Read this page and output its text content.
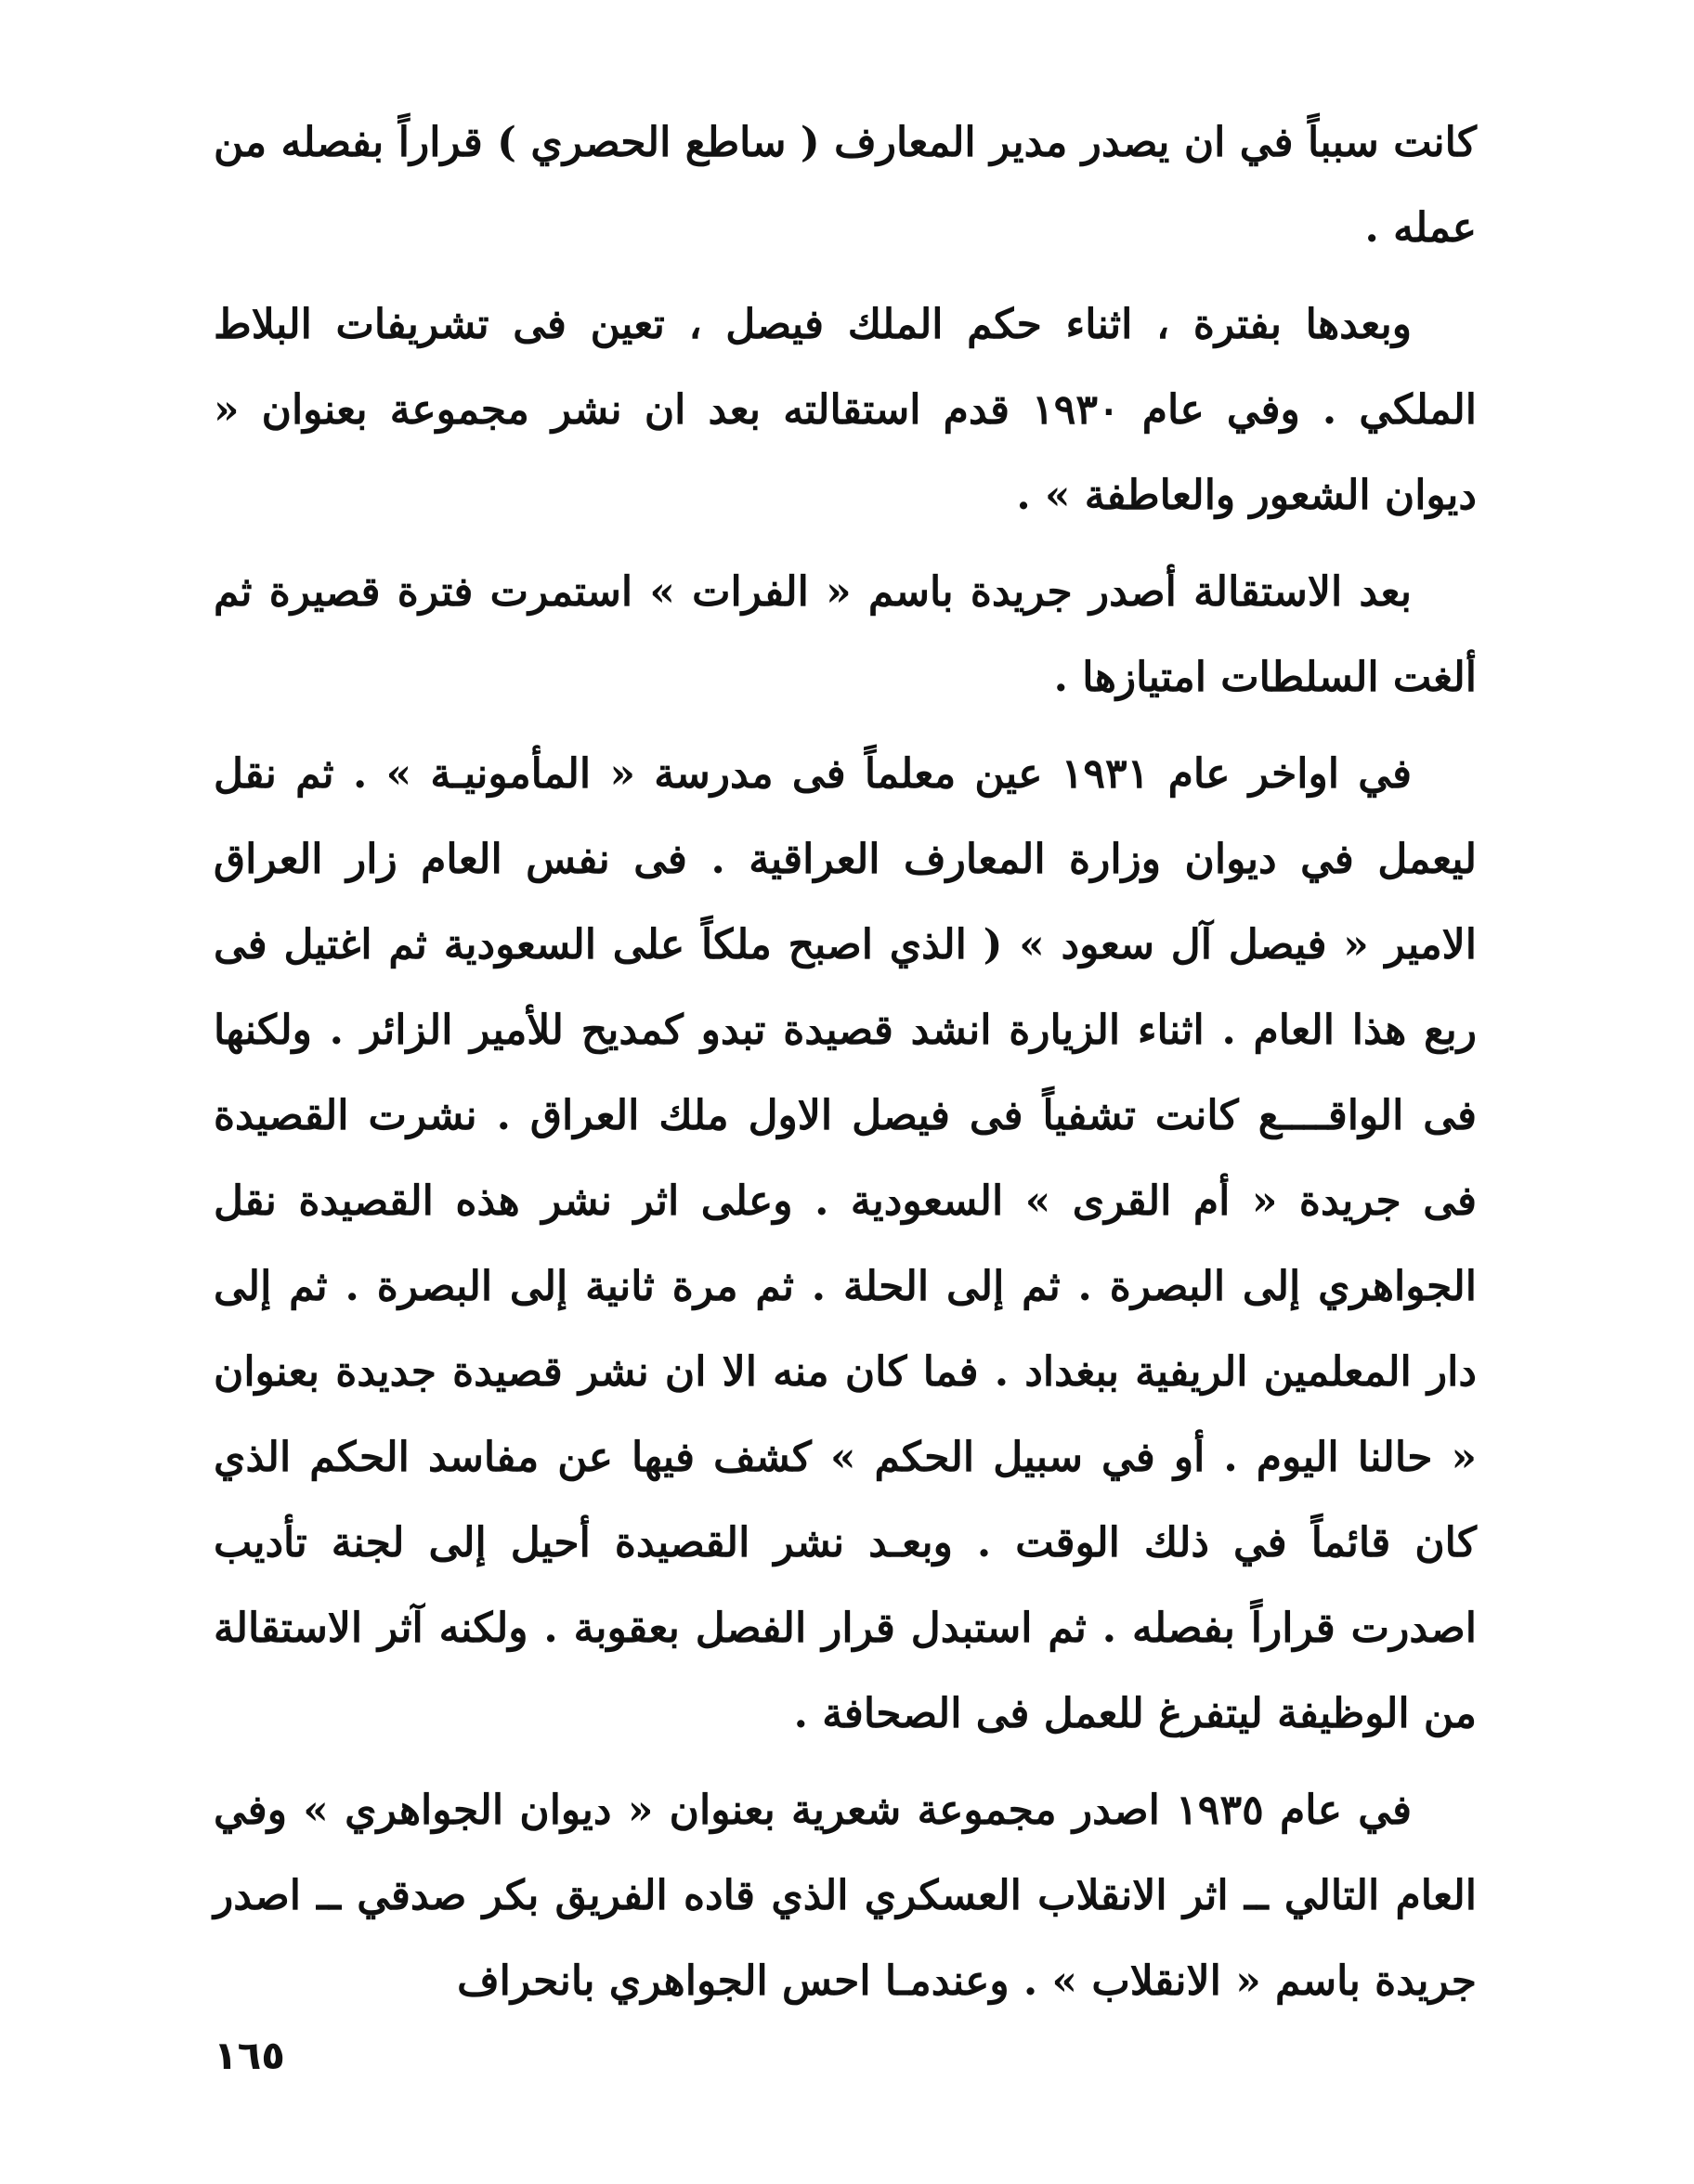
كانت سبباً في ان يصدر مدير المعارف ( ساطع الحصري ) قراراً بفصله من عمله .

وبعدها بفترة ، اثناء حكم الملك فيصل ، تعين فى تشريفات البلاط الملكي . وفي عام ١٩٣٠ قدم استقالته بعد ان نشر مجموعة بعنوان « ديوان الشعور والعاطفة » .

بعد الاستقالة أصدر جريدة باسم « الفرات » استمرت فترة قصيرة ثم ألغت السلطات امتيازها .

في اواخر عام ١٩٣١ عين معلماً فى مدرسة « المأمونيـة » . ثم نقل ليعمل في ديوان وزارة المعارف العراقية . فى نفس العام زار العراق الامير « فيصل آل سعود » ( الذي اصبح ملكاً على السعودية ثم اغتيل فى ربع هذا العام . اثناء الزيارة انشد قصيدة تبدو كمديح للأمير الزائر . ولكنها فى الواقــــع كانت تشفياً فى فيصل الاول ملك العراق . نشرت القصيدة فى جريدة « أم القرى » السعودية . وعلى اثر نشر هذه القصيدة نقل الجواهري إلى البصرة . ثم إلى الحلة . ثم مرة ثانية إلى البصرة . ثم إلى دار المعلمين الريفية ببغداد . فما كان منه الا ان نشر قصيدة جديدة بعنوان « حالنا اليوم . أو في سبيل الحكم » كشف فيها عن مفاسد الحكم الذي كان قائماً في ذلك الوقت . وبعـد نشر القصيدة أحيل إلى لجنة تأديب اصدرت قراراً بفصله . ثم استبدل قرار الفصل بعقوبة . ولكنه آثر الاستقالة من الوظيفة ليتفرغ للعمل فى الصحافة .

في عام ١٩٣٥ اصدر مجموعة شعرية بعنوان « ديوان الجواهري » وفي العام التالي ــ اثر الانقلاب العسكري الذي قاده الفريق بكر صدقي ــ اصدر جريدة باسم « الانقلاب » . وعندمـا احس الجواهري بانحراف

١٦٥
